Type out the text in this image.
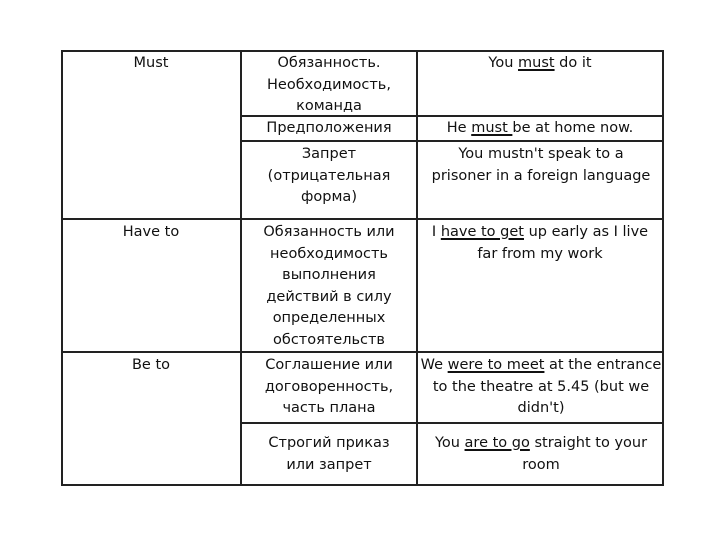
Must
Have to
Be to
Обязанность.
Необходимость,
команда
Предположения
Запрет
(отрицательная
форма)
Обязанность или
необходимость
выполнения
действий в силу
определенных
обстоятельств
Соглашение или
договоренность,
часть плана
Строгий приказ
или запрет
You must do it
He must be at home now.
You mustn't speak to a prisoner in a foreign language
I have to get up early as I live far from my work
We were to meet at the entrance to the theatre at 5.45 (but we didn't)
You are to go straight to your room
